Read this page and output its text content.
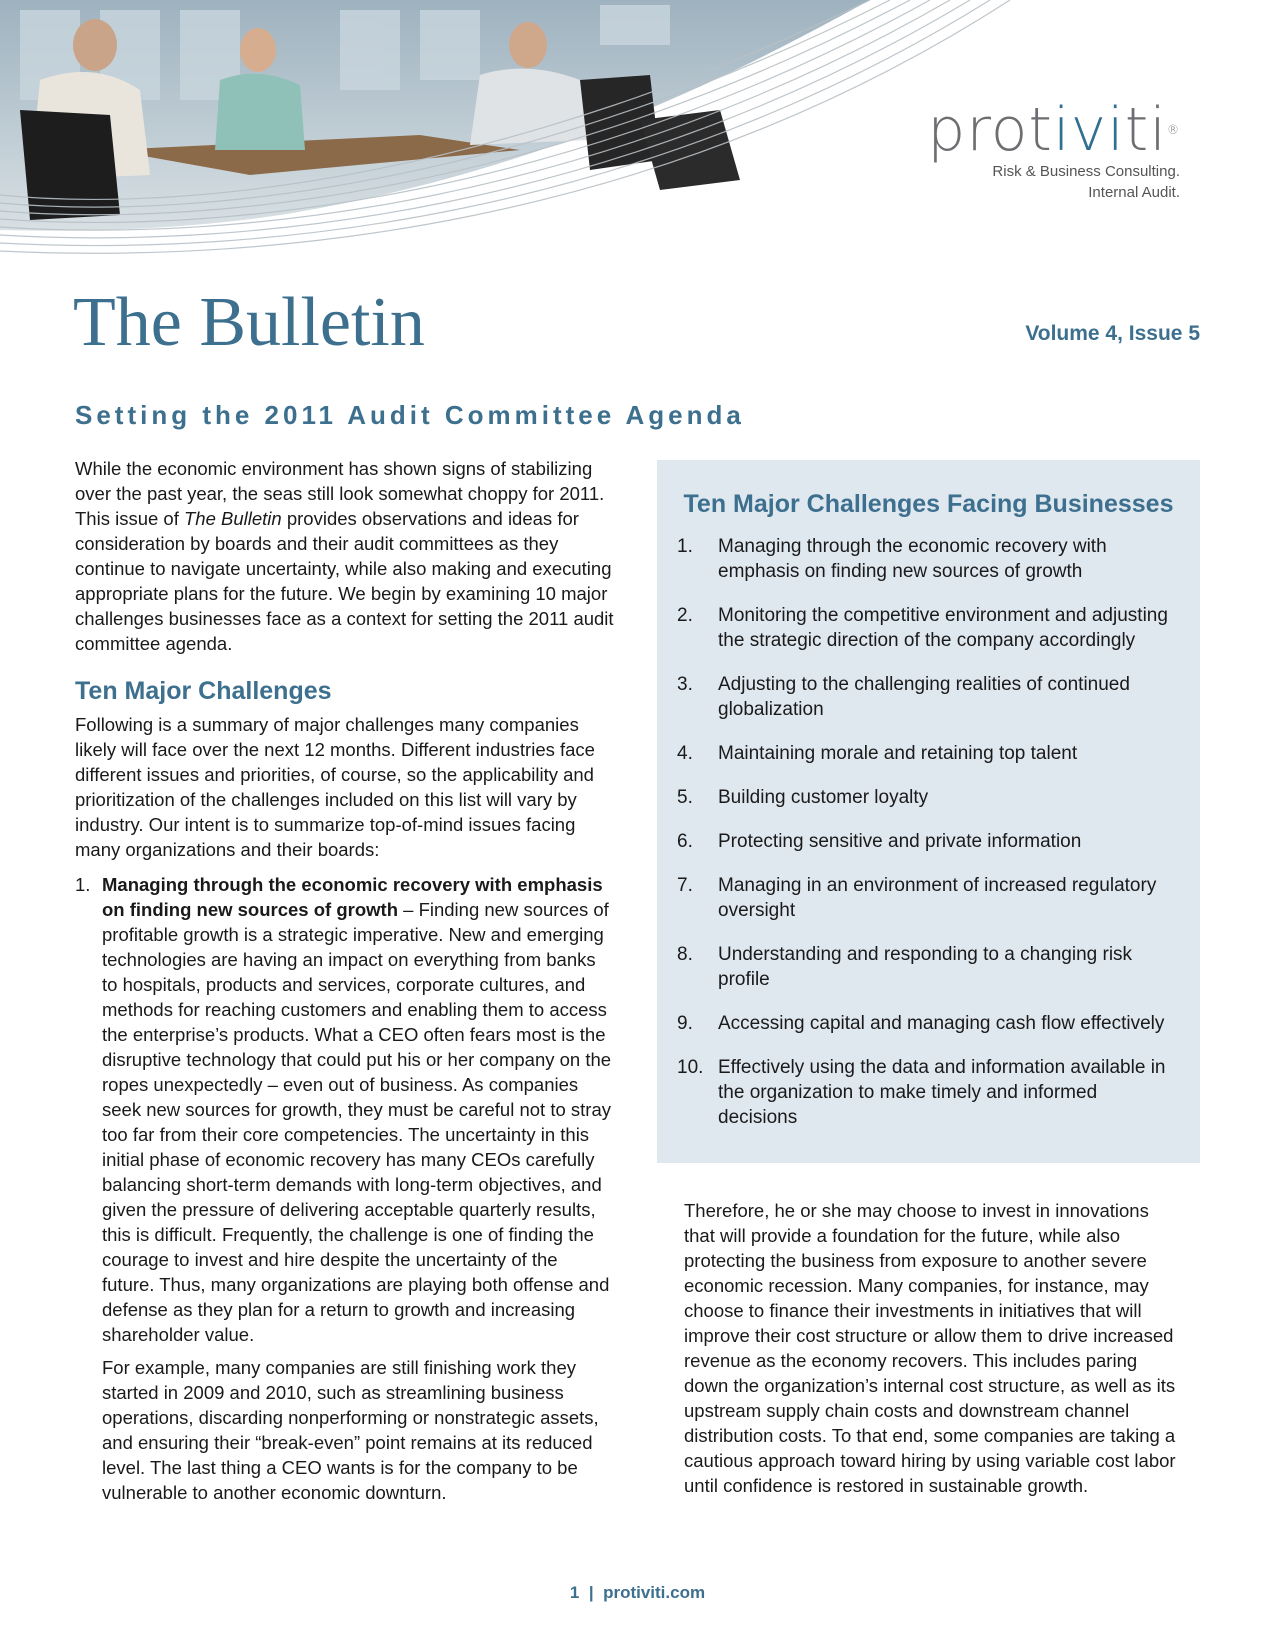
protiviti®
Risk & Business Consulting.
Internal Audit.
The Bulletin	Volume 4, Issue 5
Setting the 2011 Audit Committee Agenda

While the economic environment has shown signs of stabilizing over the past year, the seas still look somewhat choppy for 2011. This issue of The Bulletin provides observations and ideas for consideration by boards and their audit committees as they continue to navigate uncertainty, while also making and executing appropriate plans for the future. We begin by examining 10 major challenges businesses face as a context for setting the 2011 audit committee agenda.

Ten Major Challenges

Following is a summary of major challenges many companies likely will face over the next 12 months. Different industries face different issues and priorities, of course, so the applicability and prioritization of the challenges included on this list will vary by industry. Our intent is to summarize top-of-mind issues facing many organizations and their boards:

1. Managing through the economic recovery with emphasis on finding new sources of growth – Finding new sources of profitable growth is a strategic imperative. New and emerging technologies are having an impact on everything from banks to hospitals, products and services, corporate cultures, and methods for reaching customers and enabling them to access the enterprise’s products. What a CEO often fears most is the disruptive technology that could put his or her company on the ropes unexpectedly – even out of business. As companies seek new sources for growth, they must be careful not to stray too far from their core competencies. The uncertainty in this initial phase of economic recovery has many CEOs carefully balancing short-term demands with long-term objectives, and given the pressure of delivering acceptable quarterly results, this is difficult. Frequently, the challenge is one of finding the courage to invest and hire despite the uncertainty of the future. Thus, many organizations are playing both offense and defense as they plan for a return to growth and increasing shareholder value.

For example, many companies are still finishing work they started in 2009 and 2010, such as streamlining business operations, discarding nonperforming or nonstrategic assets, and ensuring their “break-even” point remains at its reduced level. The last thing a CEO wants is for the company to be vulnerable to another economic downturn.

Ten Major Challenges Facing Businesses
1. Managing through the economic recovery with emphasis on finding new sources of growth
2. Monitoring the competitive environment and adjusting the strategic direction of the company accordingly
3. Adjusting to the challenging realities of continued globalization
4. Maintaining morale and retaining top talent
5. Building customer loyalty
6. Protecting sensitive and private information
7. Managing in an environment of increased regulatory oversight
8. Understanding and responding to a changing risk profile
9. Accessing capital and managing cash flow effectively
10. Effectively using the data and information available in the organization to make timely and informed decisions

Therefore, he or she may choose to invest in innovations that will provide a foundation for the future, while also protecting the business from exposure to another severe economic recession. Many companies, for instance, may choose to finance their investments in initiatives that will improve their cost structure or allow them to drive increased revenue as the economy recovers. This includes paring down the organization’s internal cost structure, as well as its upstream supply chain costs and downstream channel distribution costs. To that end, some companies are taking a cautious approach toward hiring by using variable cost labor until confidence is restored in sustainable growth.

1 | protiviti.com
